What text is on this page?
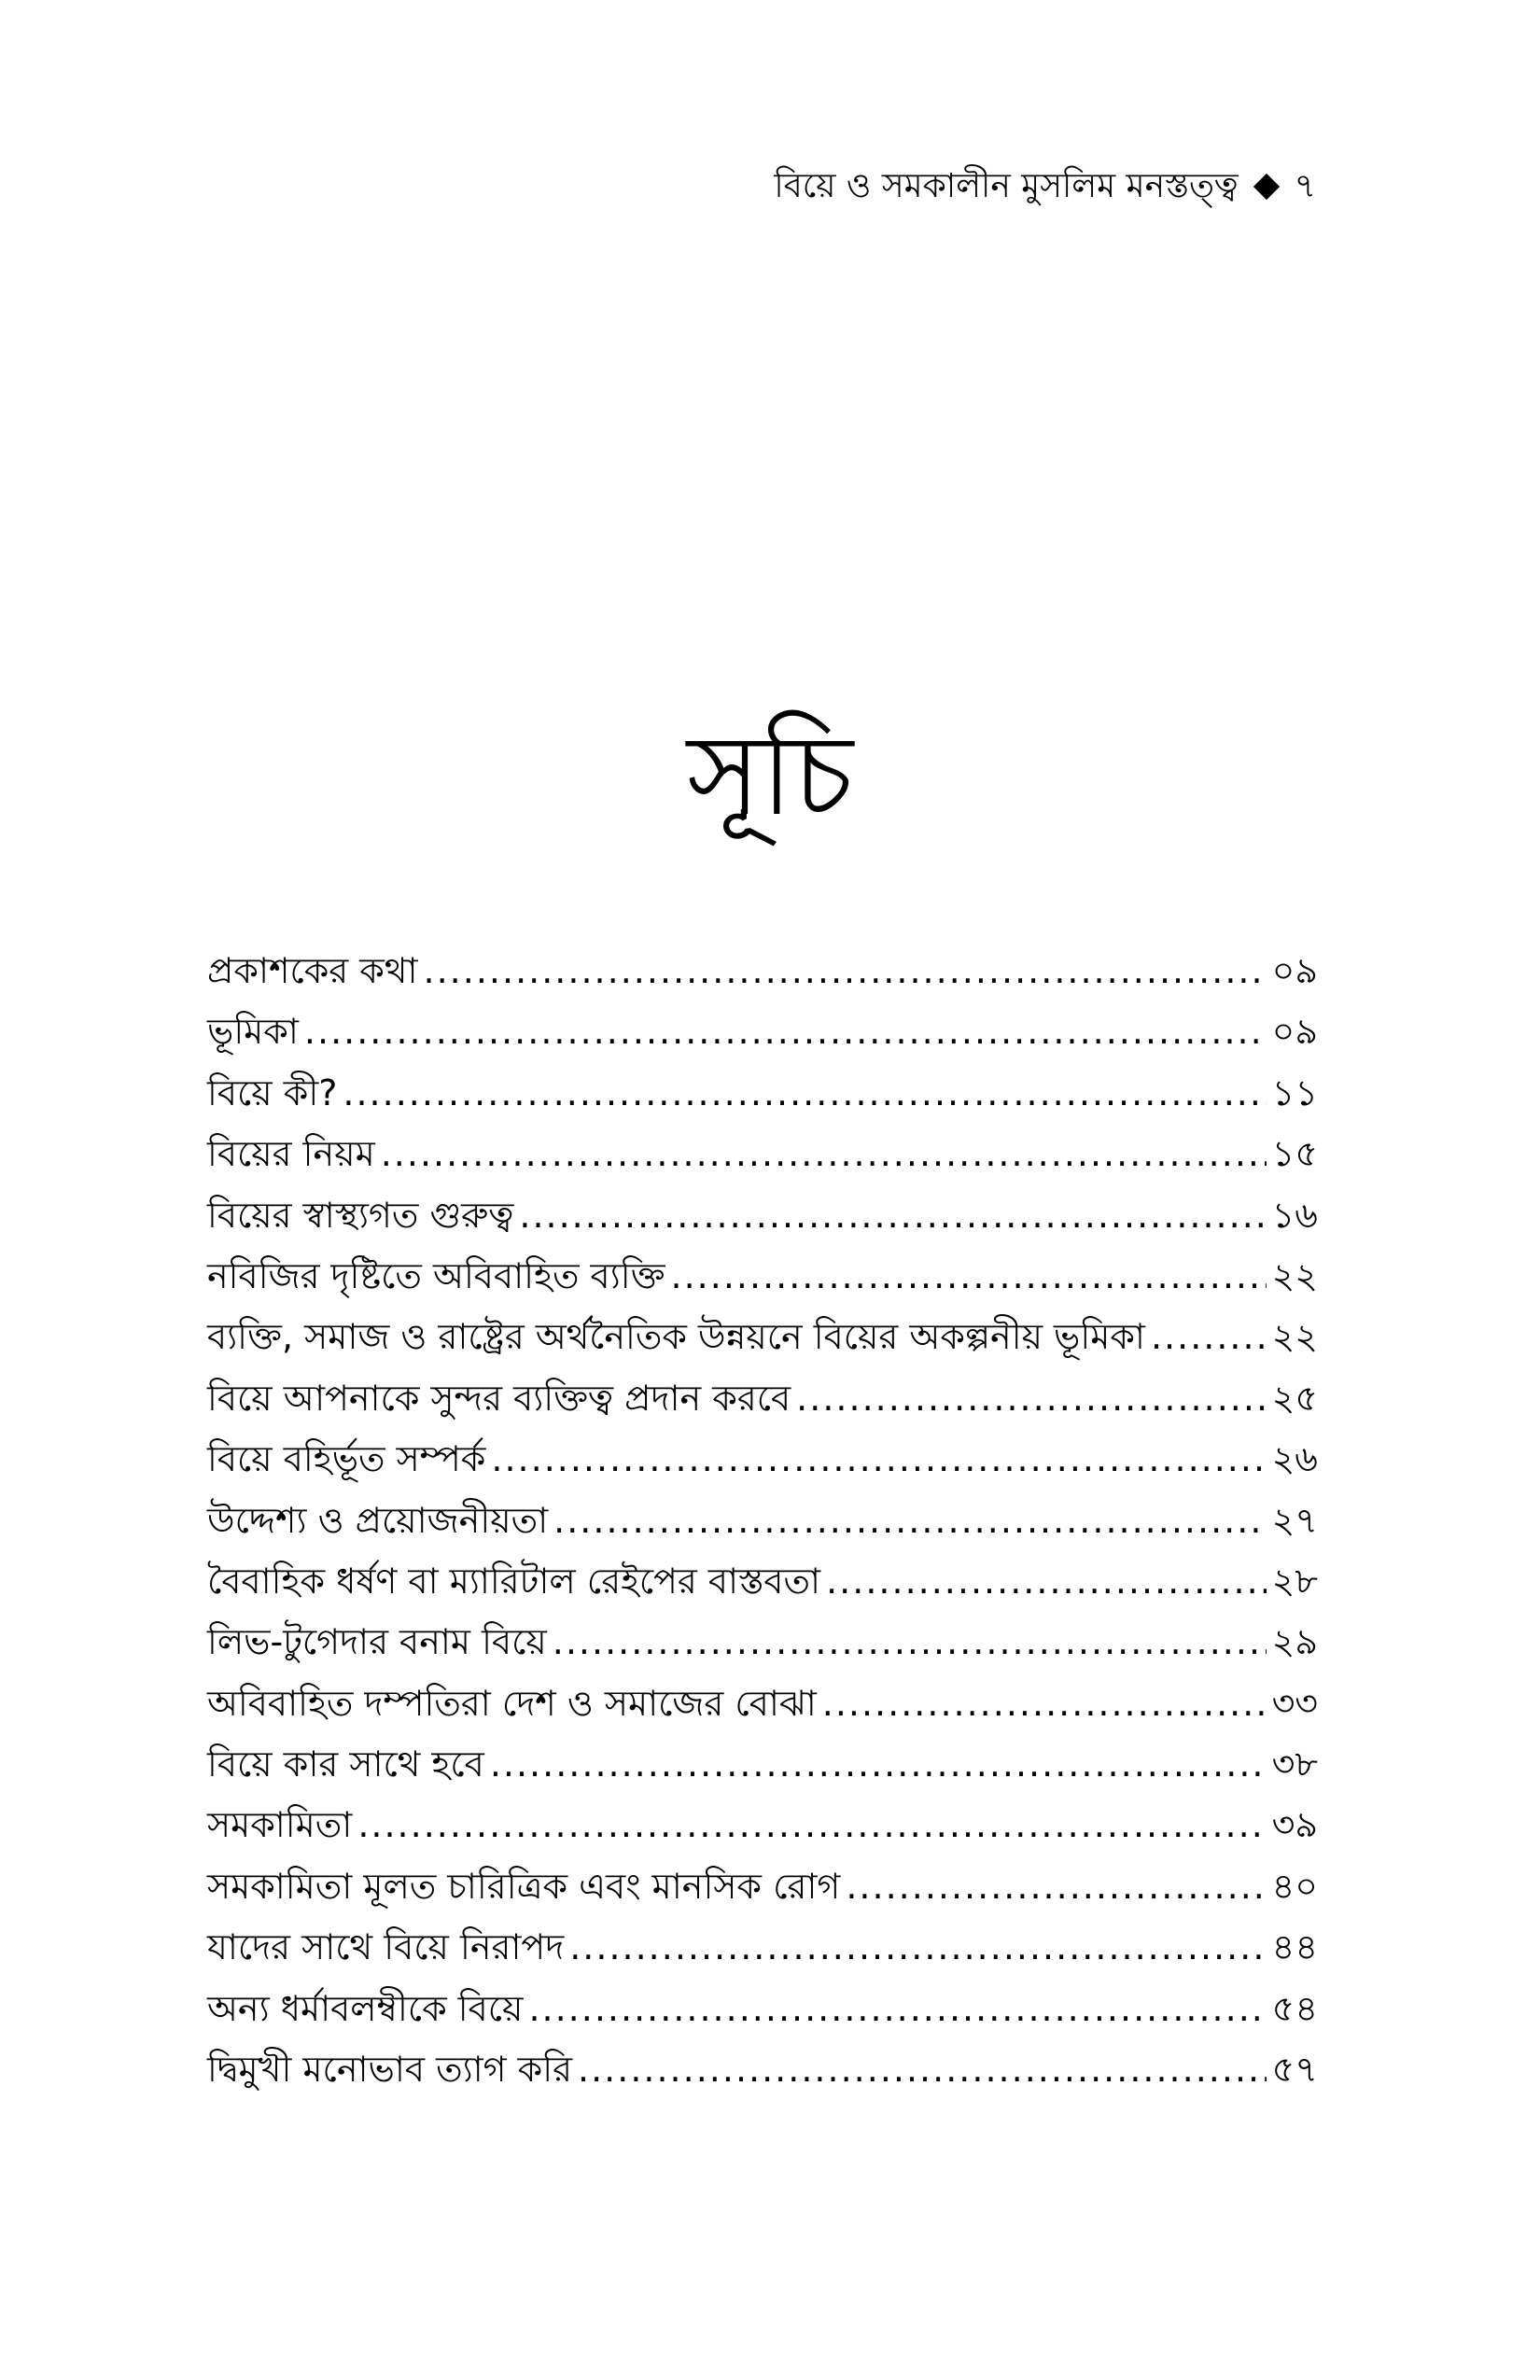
বিয়ে ও সমকালীন মুসলিম মনস্তত্ত্ব ৭
সূচি
প্রকাশকের কথা .....	০৯
ভূমিকা .....	০৯
বিয়ে কী? .....	১১
বিয়ের নিয়ম .....	১৫
বিয়ের স্বাস্থ্যগত গুরুত্ব .....	১৬
নবিজির দৃষ্টিতে অবিবাহিত ব্যক্তি .....	২২
ব্যক্তি, সমাজ ও রাষ্ট্রের অর্থনৈতিক উন্নয়নে বিয়ের অকল্পনীয় ভূমিকা .....	২২
বিয়ে আপনাকে সুন্দর ব্যক্তিত্ব প্রদান করবে .....	২৫
বিয়ে বহির্ভূত সম্পর্ক .....	২৬
উদ্দেশ্য ও প্রয়োজনীয়তা .....	২৭
বৈবাহিক ধর্ষণ বা ম্যারিটাল রেইপের বাস্তবতা .....	২৮
লিভ-টুগেদার বনাম বিয়ে .....	২৯
অবিবাহিত দম্পতিরা দেশ ও সমাজের বোঝা .....	৩৩
বিয়ে কার সাথে হবে .....	৩৮
সমকামিতা .....	৩৯
সমকামিতা মূলত চারিত্রিক এবং মানসিক রোগ .....	৪০
যাদের সাথে বিয়ে নিরাপদ .....	৪৪
অন্য ধর্মাবলম্বীকে বিয়ে .....	৫৪
দ্বিমুখী মনোভাব ত্যাগ করি .....	৫৭
